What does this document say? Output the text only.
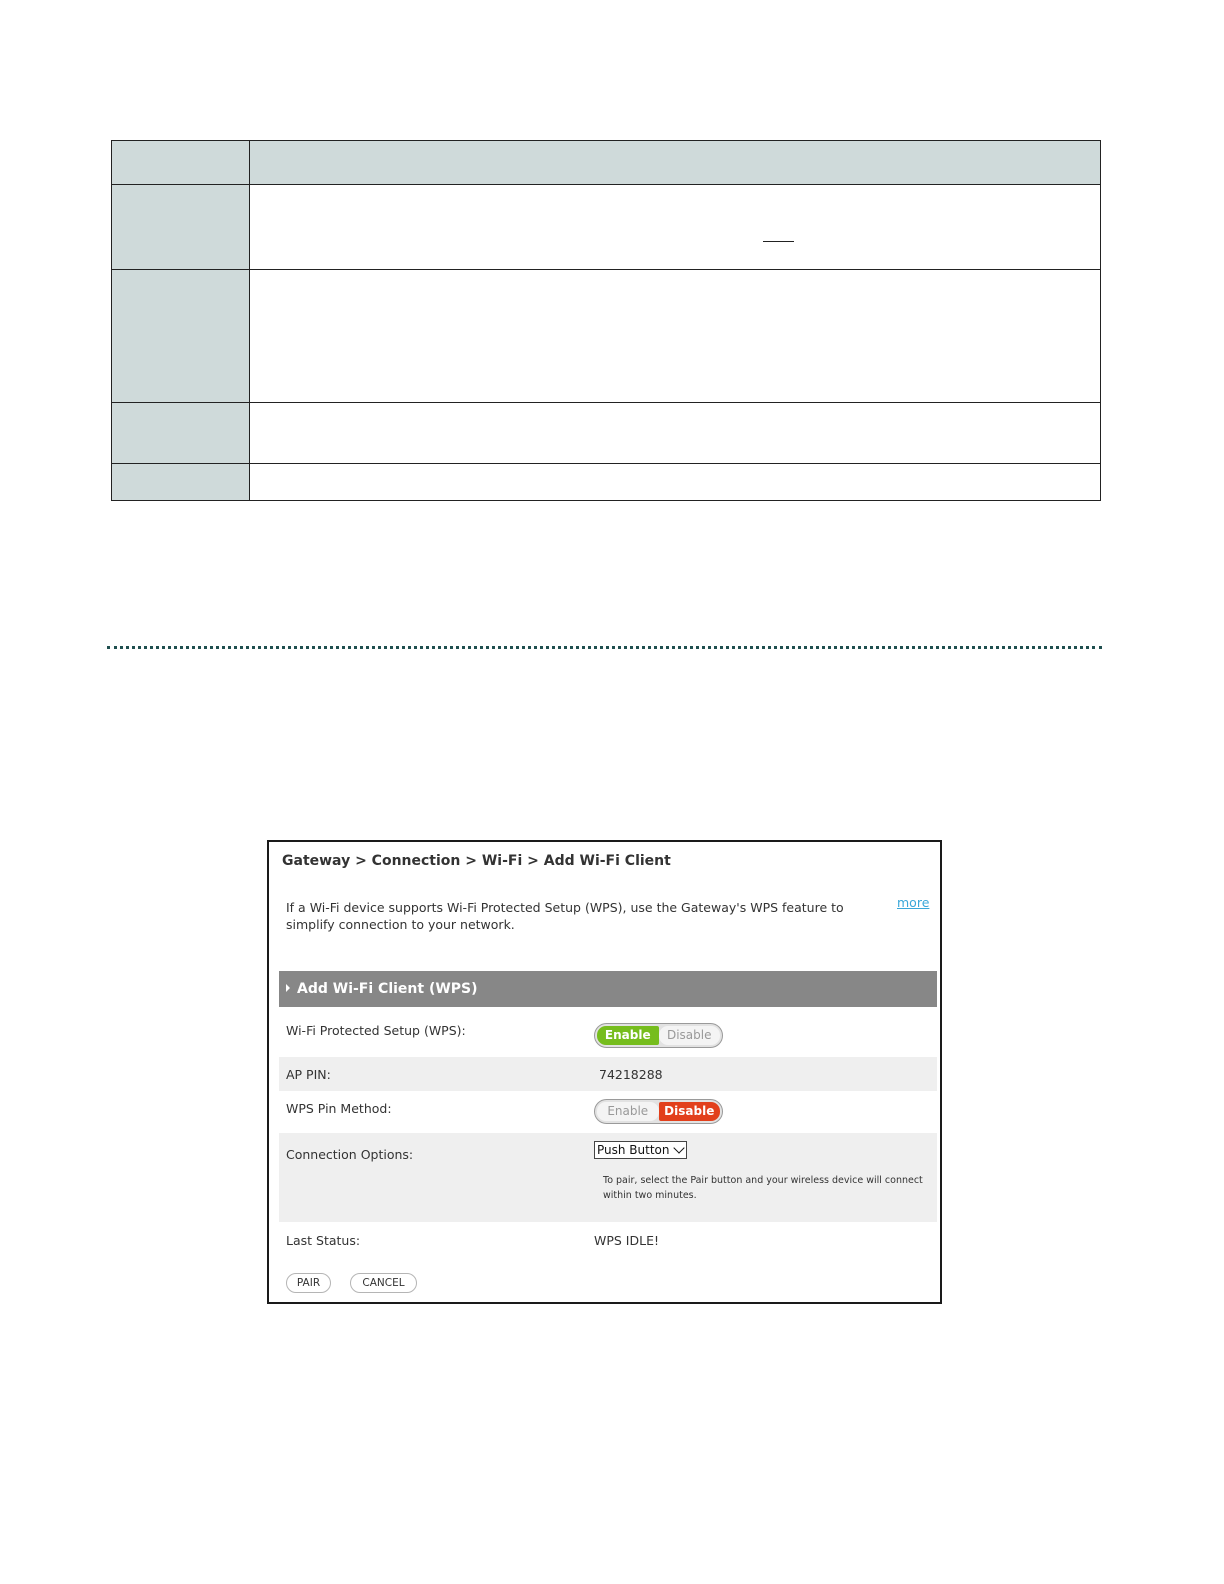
Gateway > Connection > Wi-Fi > Add Wi-Fi Client
If a Wi-Fi device supports Wi-Fi Protected Setup (WPS), use the Gateway's WPS feature to simplify connection to your network.
more
Add Wi-Fi Client (WPS)
Wi-Fi Protected Setup (WPS):	Enable	Disable
AP PIN:	74218288
WPS Pin Method:	Enable	Disable
Connection Options:	Push Button
To pair, select the Pair button and your wireless device will connect within two minutes.
Last Status:	WPS IDLE!
PAIR	CANCEL
